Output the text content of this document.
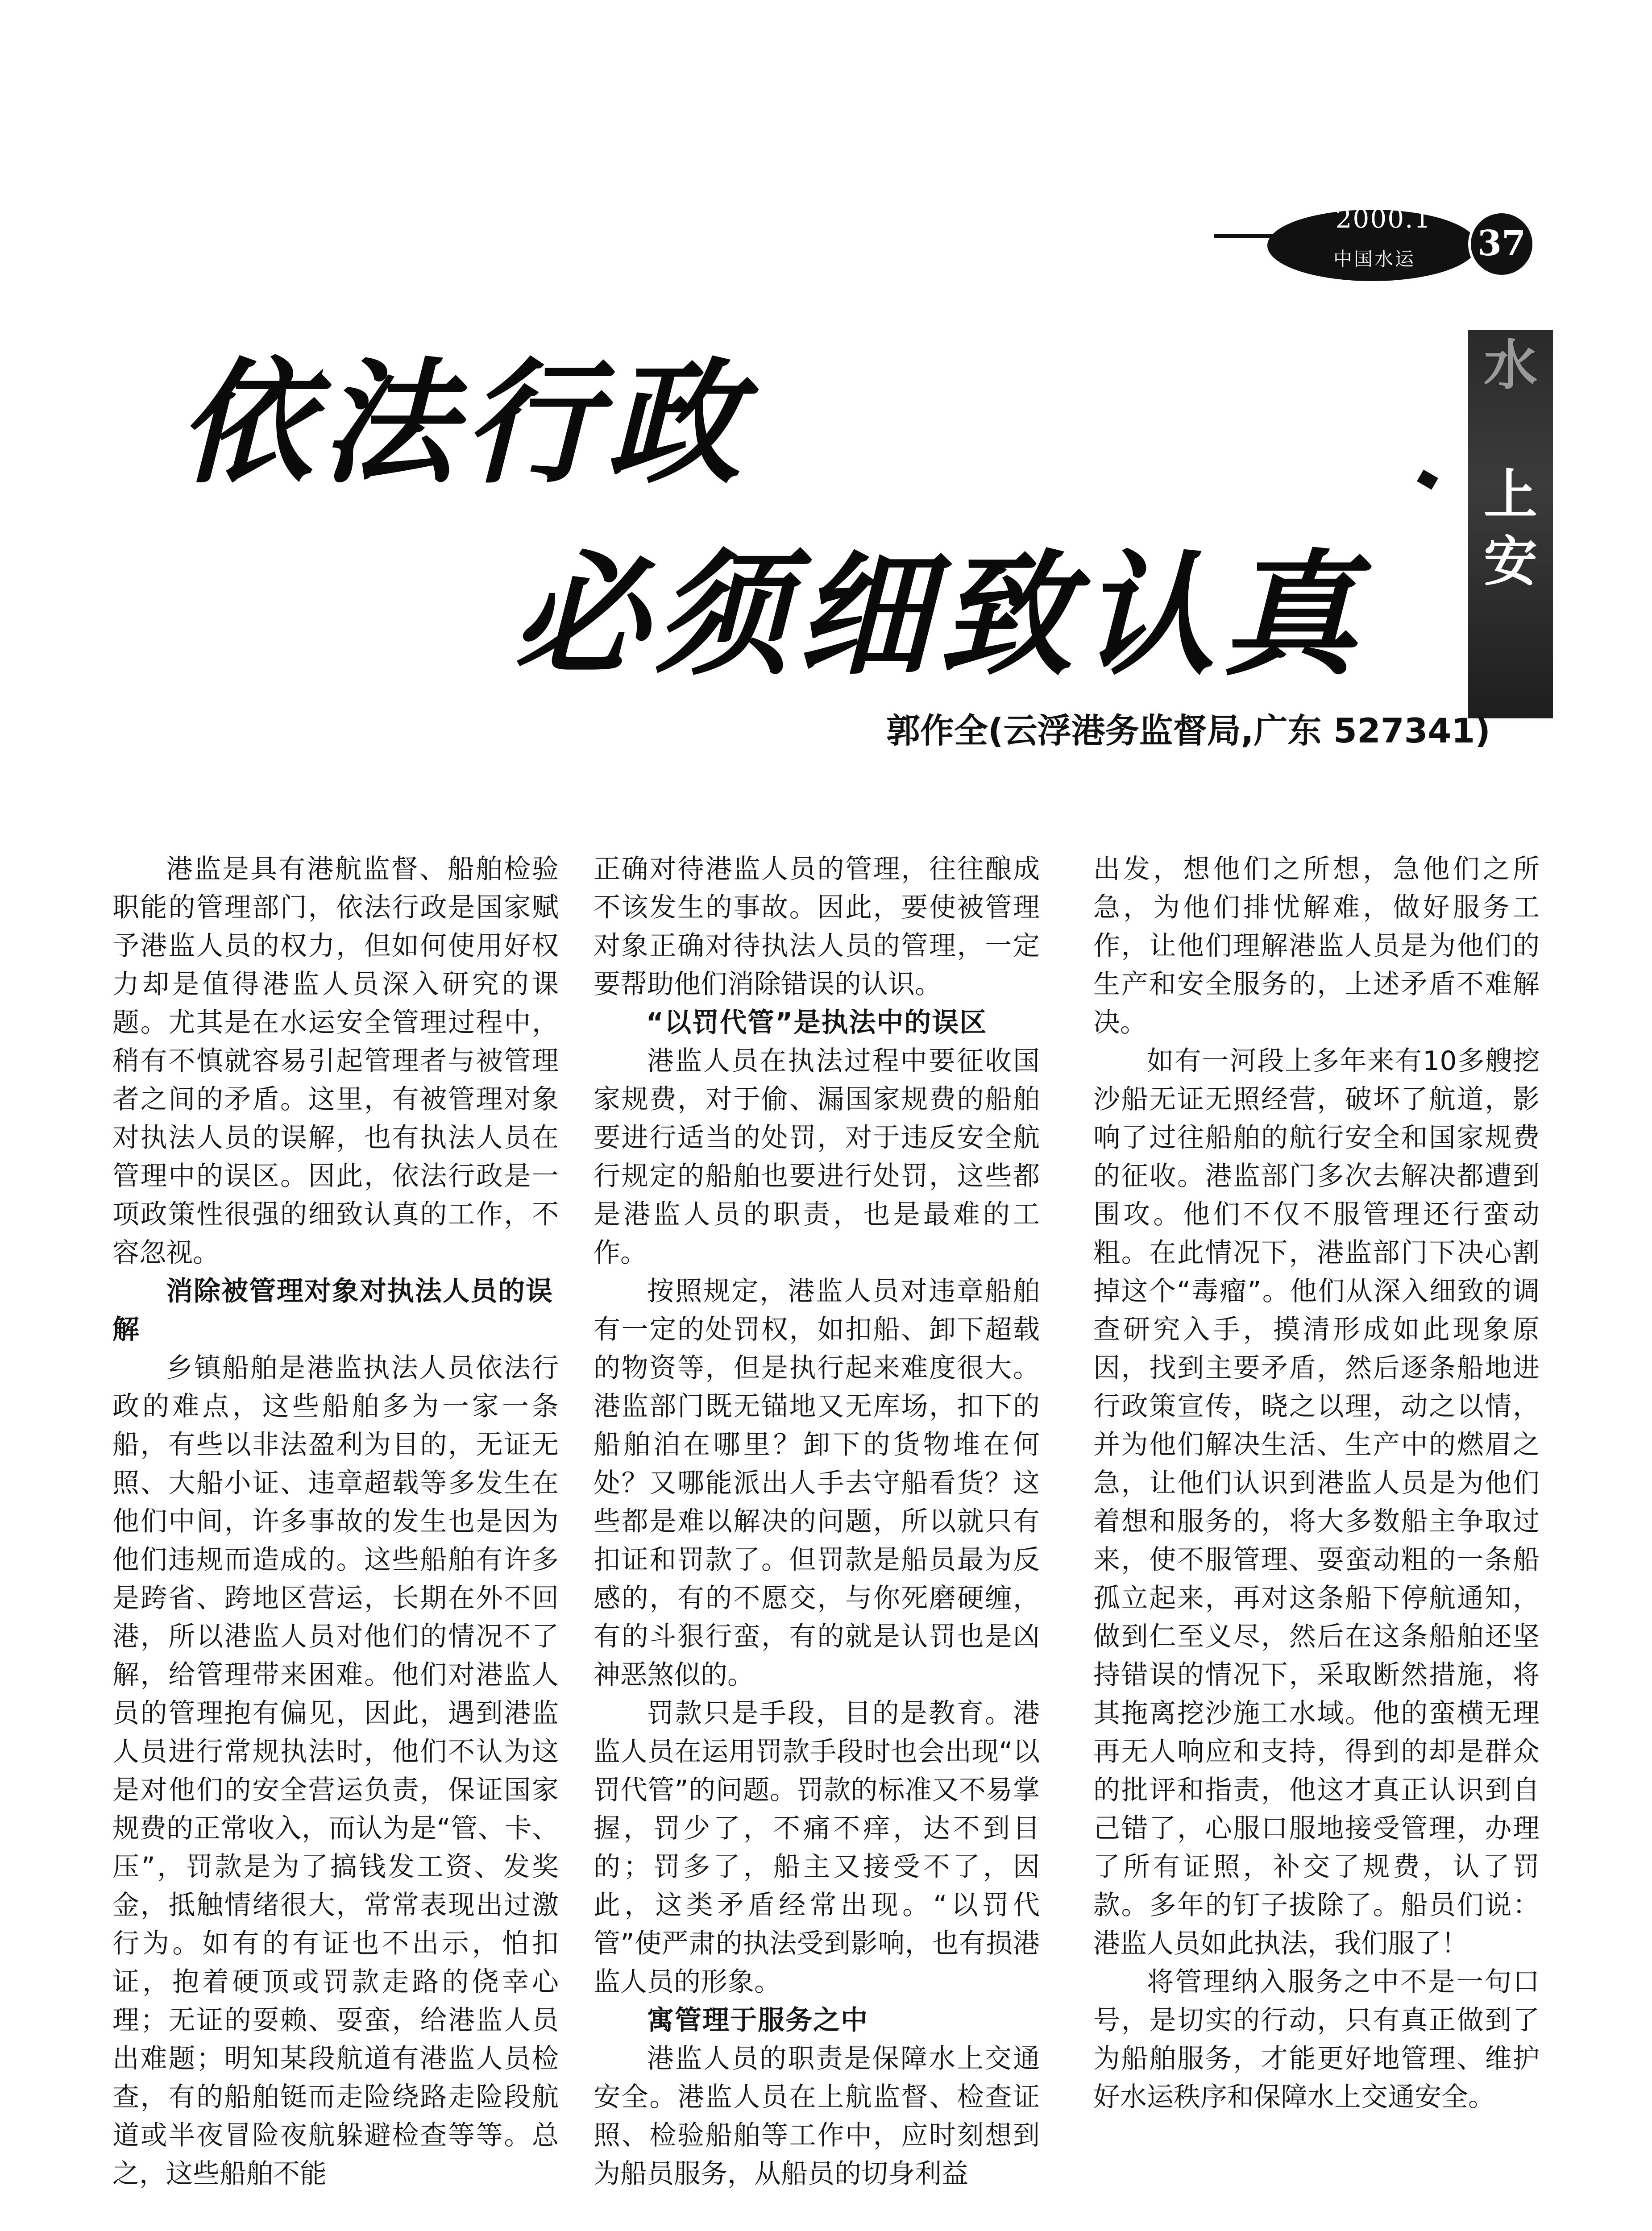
2000.1
中国水运	37
依法行政
必须细致认真
水
上
安
郭作全(云浮港务监督局,广东 527341)

港监是具有港航监督、船舶检验职能的管理部门，依法行政是国家赋予港监人员的权力，但如何使用好权力却是值得港监人员深入研究的课题。尤其是在水运安全管理过程中，稍有不慎就容易引起管理者与被管理者之间的矛盾。这里，有被管理对象对执法人员的误解，也有执法人员在管理中的误区。因此，依法行政是一项政策性很强的细致认真的工作，不容忽视。

消除被管理对象对执法人员的误解

乡镇船舶是港监执法人员依法行政的难点，这些船舶多为一家一条船，有些以非法盈利为目的，无证无照、大船小证、违章超载等多发生在他们中间，许多事故的发生也是因为他们违规而造成的。这些船舶有许多是跨省、跨地区营运，长期在外不回港，所以港监人员对他们的情况不了解，给管理带来困难。他们对港监人员的管理抱有偏见，因此，遇到港监人员进行常规执法时，他们不认为这是对他们的安全营运负责，保证国家规费的正常收入，而认为是“管、卡、压”，罚款是为了搞钱发工资、发奖金，抵触情绪很大，常常表现出过激行为。如有的有证也不出示，怕扣证，抱着硬顶或罚款走路的侥幸心理；无证的耍赖、耍蛮，给港监人员出难题；明知某段航道有港监人员检查，有的船舶铤而走险绕路走险段航道或半夜冒险夜航躲避检查等等。总之，这些船舶不能

正确对待港监人员的管理，往往酿成不该发生的事故。因此，要使被管理对象正确对待执法人员的管理，一定要帮助他们消除错误的认识。

“以罚代管”是执法中的误区

港监人员在执法过程中要征收国家规费，对于偷、漏国家规费的船舶要进行适当的处罚，对于违反安全航行规定的船舶也要进行处罚，这些都是港监人员的职责，也是最难的工作。

按照规定，港监人员对违章船舶有一定的处罚权，如扣船、卸下超载的物资等，但是执行起来难度很大。港监部门既无锚地又无库场，扣下的船舶泊在哪里？卸下的货物堆在何处？又哪能派出人手去守船看货？这些都是难以解决的问题，所以就只有扣证和罚款了。但罚款是船员最为反感的，有的不愿交，与你死磨硬缠，有的斗狠行蛮，有的就是认罚也是凶神恶煞似的。

罚款只是手段，目的是教育。港监人员在运用罚款手段时也会出现“以罚代管”的问题。罚款的标准又不易掌握，罚少了，不痛不痒，达不到目的；罚多了，船主又接受不了，因此，这类矛盾经常出现。“以罚代管”使严肃的执法受到影响，也有损港监人员的形象。

寓管理于服务之中

港监人员的职责是保障水上交通安全。港监人员在上航监督、检查证照、检验船舶等工作中，应时刻想到为船员服务，从船员的切身利益

出发，想他们之所想，急他们之所急，为他们排忧解难，做好服务工作，让他们理解港监人员是为他们的生产和安全服务的，上述矛盾不难解决。

如有一河段上多年来有10多艘挖沙船无证无照经营，破坏了航道，影响了过往船舶的航行安全和国家规费的征收。港监部门多次去解决都遭到围攻。他们不仅不服管理还行蛮动粗。在此情况下，港监部门下决心割掉这个“毒瘤”。他们从深入细致的调查研究入手，摸清形成如此现象原因，找到主要矛盾，然后逐条船地进行政策宣传，晓之以理，动之以情，并为他们解决生活、生产中的燃眉之急，让他们认识到港监人员是为他们着想和服务的，将大多数船主争取过来，使不服管理、耍蛮动粗的一条船孤立起来，再对这条船下停航通知，做到仁至义尽，然后在这条船舶还坚持错误的情况下，采取断然措施，将其拖离挖沙施工水域。他的蛮横无理再无人响应和支持，得到的却是群众的批评和指责，他这才真正认识到自己错了，心服口服地接受管理，办理了所有证照，补交了规费，认了罚款。多年的钉子拔除了。船员们说：港监人员如此执法，我们服了！

将管理纳入服务之中不是一句口号，是切实的行动，只有真正做到了为船舶服务，才能更好地管理、维护好水运秩序和保障水上交通安全。
